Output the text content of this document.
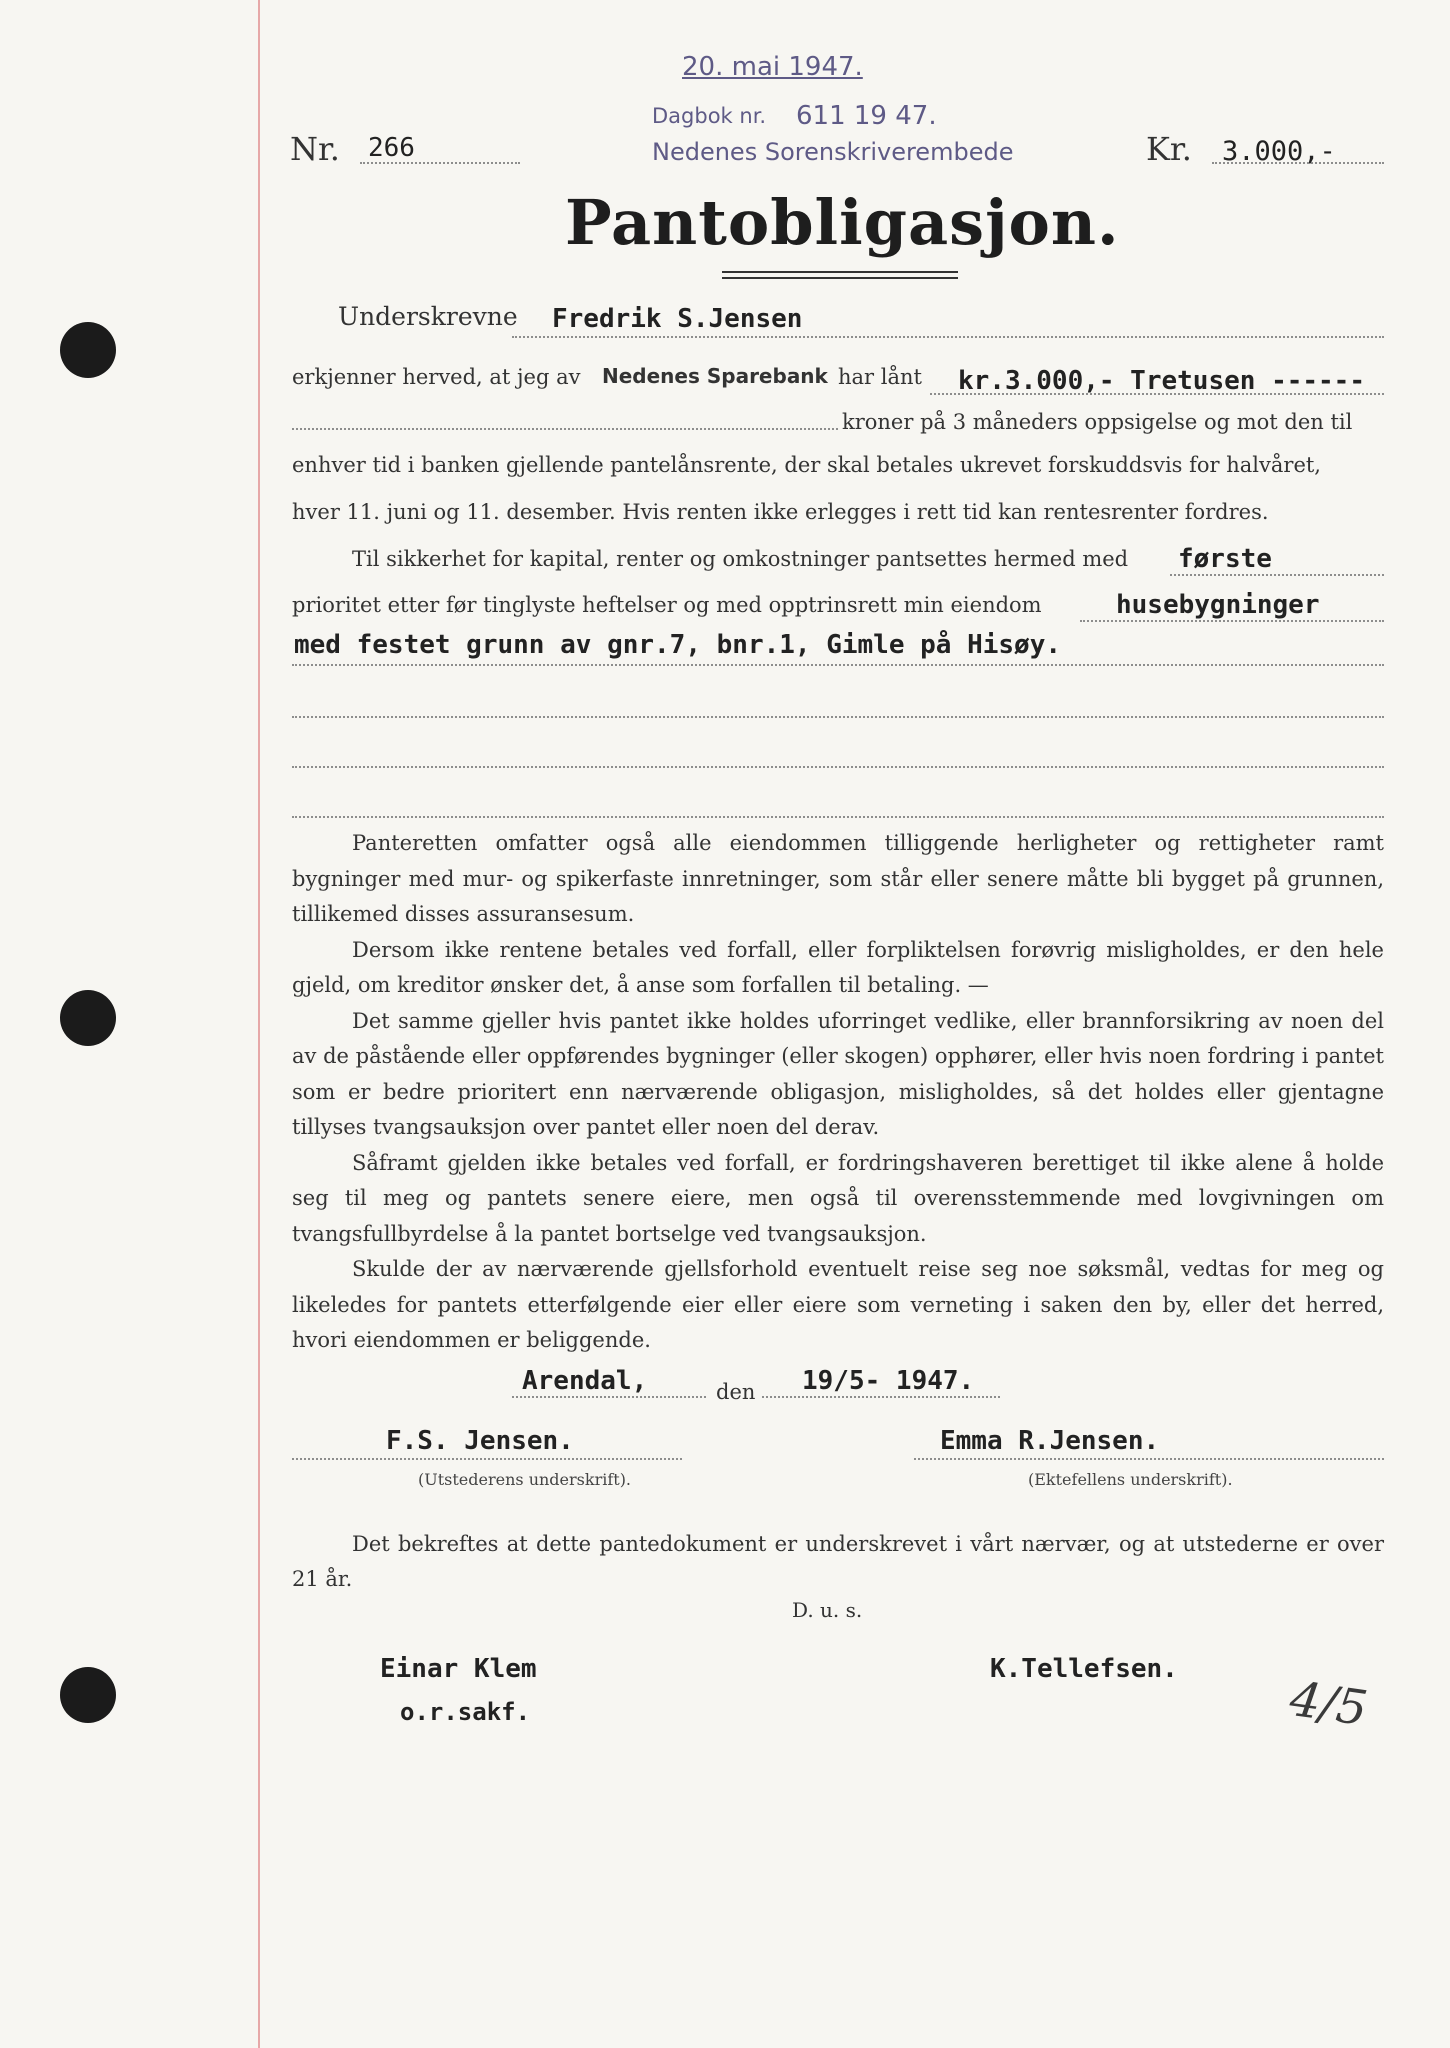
20. mai 1947.
Dagbok nr. 611 19 47.
Nedenes Sorenskriverembede
Nr. 266	Kr. 3.000,-
Pantobligasjon.
Underskrevne Fredrik S.Jensen
erkjenner herved, at jeg av Nedenes Sparebank har lånt kr.3.000,- Tretusen ------
kroner på 3 måneders oppsigelse og mot den til
enhver tid i banken gjellende pantelånsrente, der skal betales ukrevet forskuddsvis for halvåret,
hver 11. juni og 11. desember. Hvis renten ikke erlegges i rett tid kan rentesrenter fordres.
Til sikkerhet for kapital, renter og omkostninger pantsettes hermed med første
prioritet etter før tinglyste heftelser og med opptrinsrett min eiendom	husebygninger
med festet grunn av gnr.7, bnr.1, Gimle på Hisøy.

Panteretten omfatter også alle eiendommen tilliggende herligheter og rettigheter ramt bygninger med mur- og spikerfaste innretninger, som står eller senere måtte bli bygget på grunnen, tillikemed disses assuransesum.

Dersom ikke rentene betales ved forfall, eller forpliktelsen forøvrig misligholdes, er den hele gjeld, om kreditor ønsker det, å anse som forfallen til betaling. —

Det samme gjeller hvis pantet ikke holdes uforringet vedlike, eller brannforsikring av noen del av de påstående eller oppførendes bygninger (eller skogen) opphører, eller hvis noen fordring i pantet som er bedre prioritert enn nærværende obligasjon, misligholdes, så det holdes eller gjentagne tillyses tvangsauksjon over pantet eller noen del derav.

Såframt gjelden ikke betales ved forfall, er fordringshaveren berettiget til ikke alene å holde seg til meg og pantets senere eiere, men også til overensstemmende med lovgivningen om tvangsfullbyrdelse å la pantet bortselge ved tvangsauksjon.

Skulde der av nærværende gjellsforhold eventuelt reise seg noe søksmål, vedtas for meg og likeledes for pantets etterfølgende eier eller eiere som verneting i saken den by, eller det herred, hvori eiendommen er beliggende.

Arendal,	den 19/5- 1947.
F.S. Jensen.
(Utstederens underskrift).
Emma R.Jensen.
(Ektefellens underskrift).
Det bekreftes at dette pantedokument er underskrevet i vårt nærvær, og at utstederne er over 21 år.
D. u. s.
Einar Klem
o.r.sakf.
K.Tellefsen.
4/5
